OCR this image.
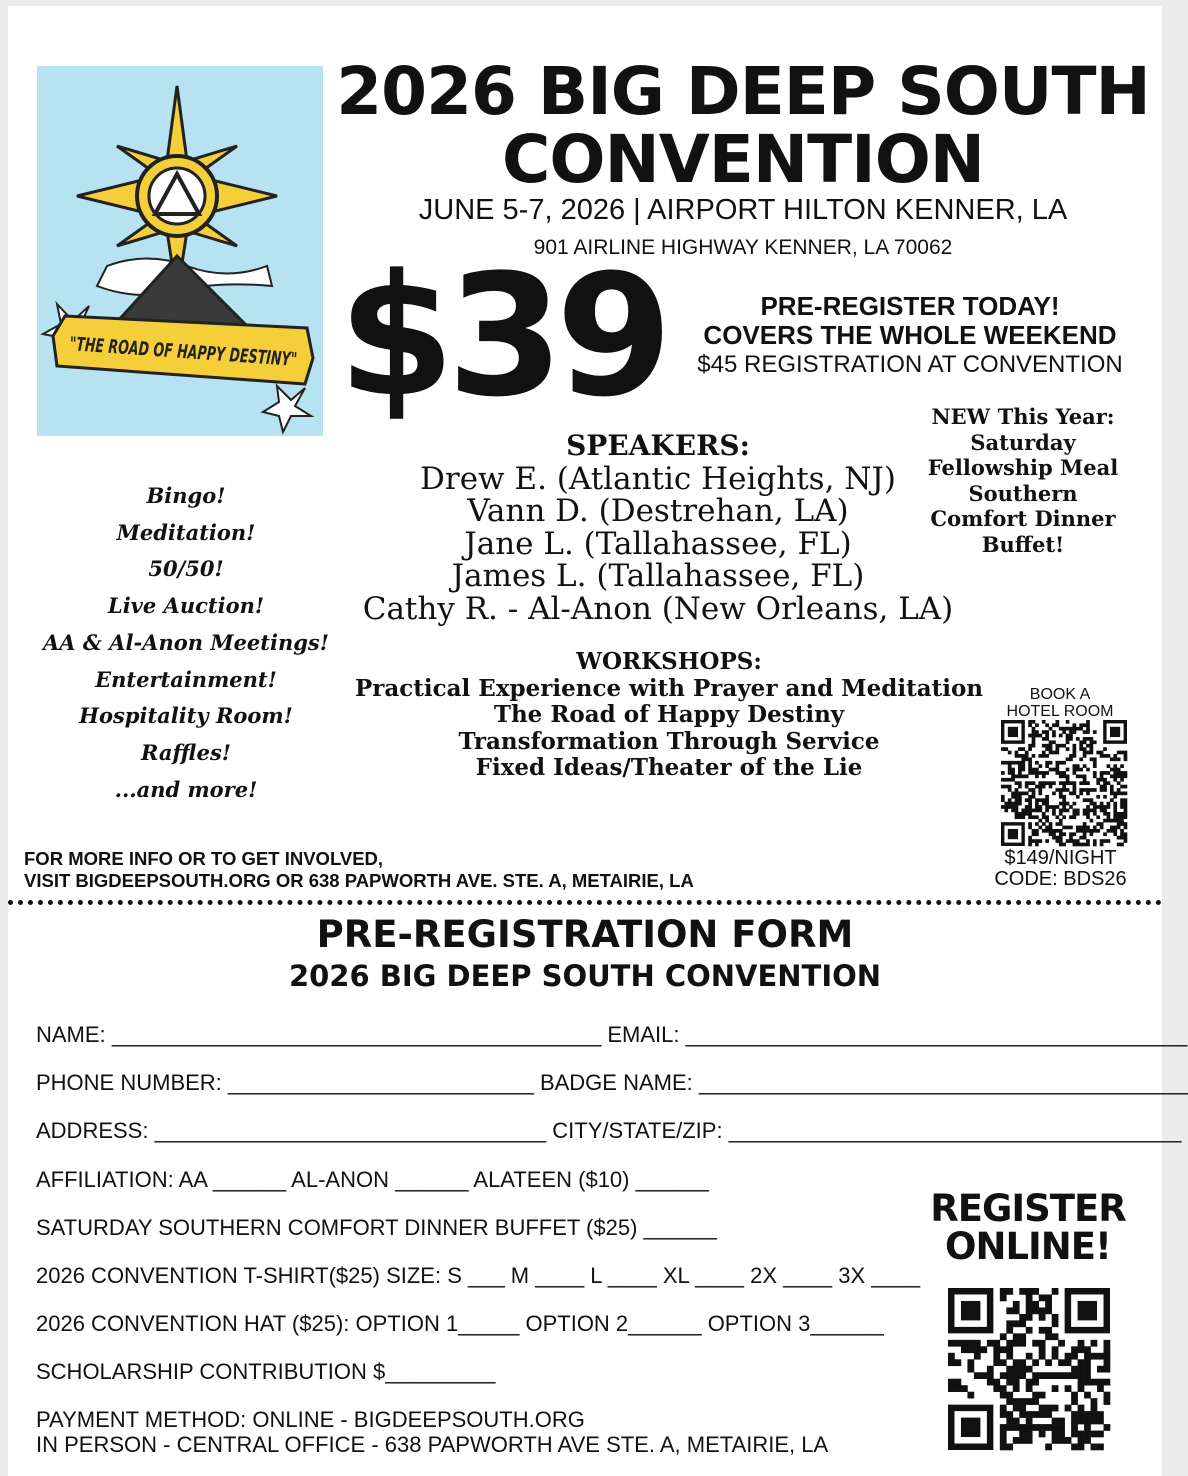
"THE ROAD OF HAPPY DESTINY"
2026 BIG DEEP SOUTH CONVENTION
JUNE 5-7, 2026 | AIRPORT HILTON KENNER, LA
901 AIRLINE HIGHWAY KENNER, LA 70062
$39	PRE-REGISTER TODAY!
COVERS THE WHOLE WEEKEND
$45 REGISTRATION AT CONVENTION
NEW This Year:
Saturday
Fellowship Meal
Southern
Comfort Dinner
Buffet!
Bingo!
Meditation!
50/50!
Live Auction!
AA & Al-Anon Meetings!
Entertainment!
Hospitality Room!
Raffles!
...and more!
SPEAKERS:
Drew E. (Atlantic Heights, NJ)
Vann D. (Destrehan, LA)
Jane L. (Tallahassee, FL)
James L. (Tallahassee, FL)
Cathy R. - Al-Anon (New Orleans, LA)
WORKSHOPS:
Practical Experience with Prayer and Meditation
The Road of Happy Destiny
Transformation Through Service
Fixed Ideas/Theater of the Lie
BOOK A
HOTEL ROOM
$149/NIGHT
CODE: BDS26
FOR MORE INFO OR TO GET INVOLVED,
VISIT BIGDEEPSOUTH.ORG OR 638 PAPWORTH AVE. STE. A, METAIRIE, LA
PRE-REGISTRATION FORM
2026 BIG DEEP SOUTH CONVENTION
NAME: ________________________________________ EMAIL: _________________________________________
PHONE NUMBER: _________________________ BADGE NAME: ________________________________________
ADDRESS: ________________________________ CITY/STATE/ZIP: _____________________________________
AFFILIATION: AA ______ AL-ANON ______ ALATEEN ($10) ______
SATURDAY SOUTHERN COMFORT DINNER BUFFET ($25) ______
2026 CONVENTION T-SHIRT($25) SIZE: S ___ M ____ L ____ XL ____ 2X ____ 3X ____
2026 CONVENTION HAT ($25): OPTION 1_____ OPTION 2______ OPTION 3______
SCHOLARSHIP CONTRIBUTION $_________
PAYMENT METHOD: ONLINE - BIGDEEPSOUTH.ORG
IN PERSON - CENTRAL OFFICE - 638 PAPWORTH AVE STE. A, METAIRIE, LA
REGISTER
ONLINE!
